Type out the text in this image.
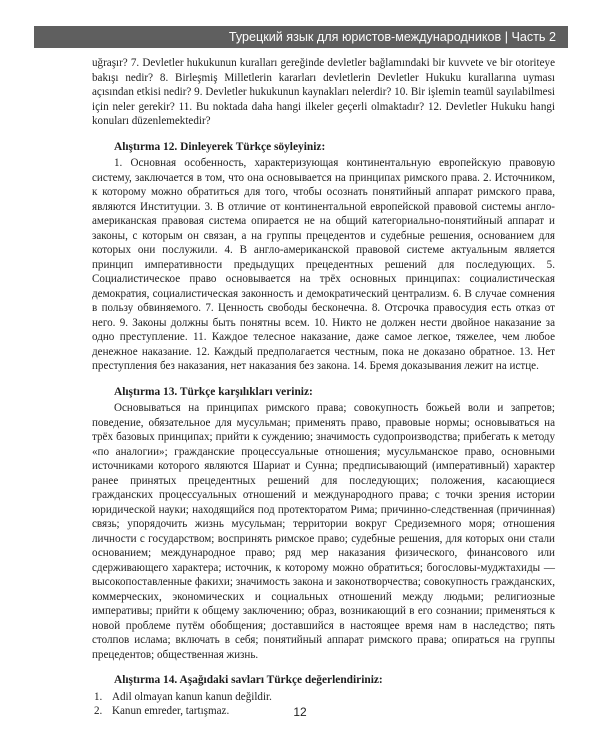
Турецкий язык для юристов-международников | Часть 2

uğraşır? 7. Devletler hukukunun kuralları gereğinde devletler bağlamındaki bir kuvvete ve bir otoriteye bakışı nedir? 8. Birleşmiş Milletlerin kararları devletlerin Devletler Hukuku kurallarına uyması açısından etkisi nedir? 9. Devletler hukukunun kaynakları nelerdir? 10. Bir işlemin teamül sayılabilmesi için neler gerekir? 11. Bu noktada daha hangi ilkeler geçerli olmaktadır? 12. Devletler Hukuku hangi konuları düzenlemektedir?

Alıştırma 12. Dinleyerek Türkçe söyleyiniz:

1. Основная особенность, характеризующая континентальную европейскую правовую систему, заключается в том, что она основывается на принципах римского права. 2. Источником, к которому можно обратиться для того, чтобы осознать понятийный аппарат римского права, являются Институции. 3. В отличие от континентальной европейской правовой системы англо-американская правовая система опирается не на общий категориально-понятийный аппарат и законы, с которым он связан, а на группы прецедентов и судебные решения, основанием для которых они послужили. 4. В англо-американской правовой системе актуальным является принцип императивности предыдущих прецедентных решений для последующих. 5. Социалистическое право основывается на трёх основных принципах: социалистическая демократия, социалистическая законность и демократический централизм. 6. В случае сомнения в пользу обвиняемого. 7. Ценность свободы бесконечна. 8. Отсрочка правосудия есть отказ от него. 9. Законы должны быть понятны всем. 10. Никто не должен нести двойное наказание за одно преступление. 11. Каждое телесное наказание, даже самое легкое, тяжелее, чем любое денежное наказание. 12. Каждый предполагается честным, пока не доказано обратное. 13. Нет преступления без наказания, нет наказания без закона. 14. Бремя доказывания лежит на истце.

Alıştırma 13. Türkçe karşılıkları veriniz:

Основываться на принципах римского права; совокупность божьей воли и запретов; поведение, обязательное для мусульман; применять право, правовые нормы; основываться на трёх базовых принципах; прийти к суждению; значимость судопроизводства; прибегать к методу «по аналогии»; гражданские процессуальные отношения; мусульманское право, основными источниками которого являются Шариат и Сунна; предписывающий (императивный) характер ранее принятых прецедентных решений для последующих; положения, касающиеся гражданских процессуальных отношений и международного права; с точки зрения истории юридической науки; находящийся под протекторатом Рима; причинно-следственная (причинная) связь; упорядочить жизнь мусульман; территории вокруг Средиземного моря; отношения личности с государством; воспринять римское право; судебные решения, для которых они стали основанием; международное право; ряд мер наказания физического, финансового или сдерживающего характера; источник, к которому можно обратиться; богословы-муджтахиды — высокопоставленные факихи; значимость закона и законотворчества; совокупность гражданских, коммерческих, экономических и социальных отношений между людьми; религиозные императивы; прийти к общему заключению; образ, возникающий в его сознании; применяться к новой проблеме путём обобщения; доставшийся в настоящее время нам в наследство; пять столпов ислама; включать в себя; понятийный аппарат римского права; опираться на группы прецедентов; общественная жизнь.

Alıştırma 14. Aşağıdaki savları Türkçe değerlendiriniz:
1. Adil olmayan kanun kanun değildir.
2. Kanun emreder, tartışmaz.	12
